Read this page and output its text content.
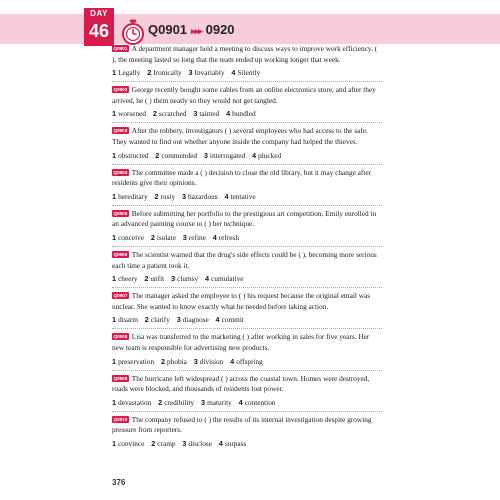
DAY
46	Q0901 ▸▸▸ 0920

Q0901 A department manager held a meeting to discuss ways to improve work efficiency. ( ), the meeting lasted so long that the team ended up working longer that week.

1 Legally 2 Ironically 3 Invariably 4 Silently

Q0902 George recently bought some cables from an online electronics store, and after they arrived, he ( ) them neatly so they would not get tangled.

1 worsened 2 scratched 3 tainted 4 bundled

Q0903 After the robbery, investigators ( ) several employees who had access to the safe. They wanted to find out whether anyone inside the company had helped the thieves.

1 obstructed 2 commended 3 interrogated 4 plucked

Q0904 The committee made a ( ) decision to close the old library, but it may change after residents give their opinions.

1 hereditary 2 rusty 3 hazardous 4 tentative

Q0905 Before submitting her portfolio to the prestigious art competition, Emily enrolled in an advanced painting course to ( ) her technique.

1 conceive 2 isolate 3 refine 4 refresh

Q0906 The scientist warned that the drug's side effects could be ( ), becoming more serious each time a patient took it.

1 cheery 2 unfit 3 clumsy 4 cumulative

Q0907 The manager asked the employee to ( ) his request because the original email was unclear. She wanted to know exactly what he needed before taking action.

1 disarm 2 clarify 3 diagnose 4 commit

Q0908 Lisa was transferred to the marketing ( ) after working in sales for five years. Her new team is responsible for advertising new products.

1 preservation 2 phobia 3 division 4 offspring

Q0909 The hurricane left widespread ( ) across the coastal town. Homes were destroyed, roads were blocked, and thousands of residents lost power.

1 devastation 2 credibility 3 maturity 4 contention

Q0910 The company refused to ( ) the results of its internal investigation despite growing pressure from reporters.

1 convince 2 cramp 3 disclose 4 surpass

376
